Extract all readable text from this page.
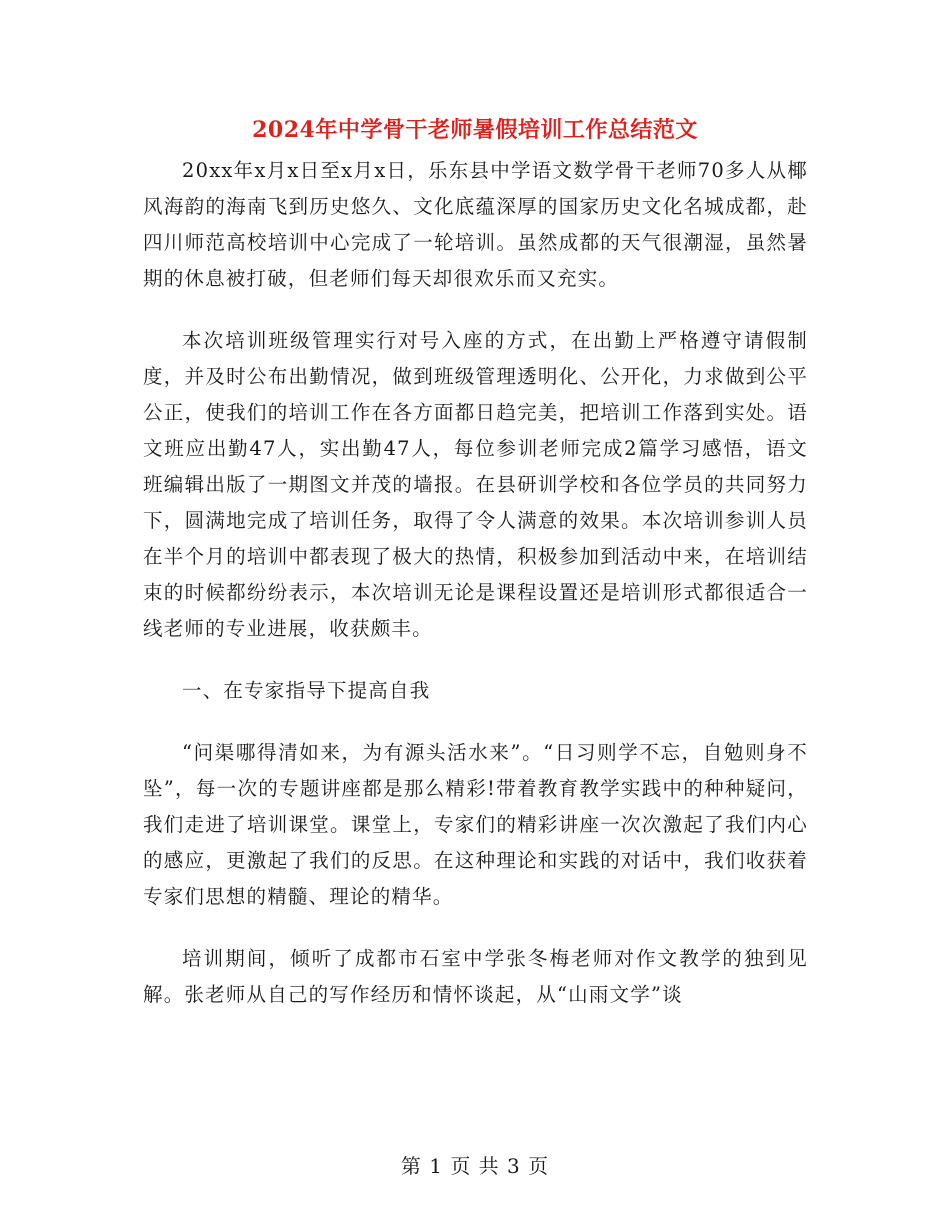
2024年中学骨干老师暑假培训工作总结范文

20xx年x月x日至x月x日，乐东县中学语文数学骨干老师70多人从椰风海韵的海南飞到历史悠久、文化底蕴深厚的国家历史文化名城成都，赴四川师范高校培训中心完成了一轮培训。虽然成都的天气很潮湿，虽然暑期的休息被打破，但老师们每天却很欢乐而又充实。

本次培训班级管理实行对号入座的方式，在出勤上严格遵守请假制度，并及时公布出勤情况，做到班级管理透明化、公开化，力求做到公平公正，使我们的培训工作在各方面都日趋完美，把培训工作落到实处。语文班应出勤47人，实出勤47人，每位参训老师完成2篇学习感悟，语文班编辑出版了一期图文并茂的墙报。在县研训学校和各位学员的共同努力下，圆满地完成了培训任务，取得了令人满意的效果。本次培训参训人员在半个月的培训中都表现了极大的热情，积极参加到活动中来，在培训结束的时候都纷纷表示，本次培训无论是课程设置还是培训形式都很适合一线老师的专业进展，收获颇丰。

一、在专家指导下提高自我

“问渠哪得清如来，为有源头活水来”。“日习则学不忘，自勉则身不坠”，每一次的专题讲座都是那么精彩!带着教育教学实践中的种种疑问，我们走进了培训课堂。课堂上，专家们的精彩讲座一次次激起了我们内心的感应，更激起了我们的反思。在这种理论和实践的对话中，我们收获着专家们思想的精髓、理论的精华。

培训期间，倾听了成都市石室中学张冬梅老师对作文教学的独到见解。张老师从自己的写作经历和情怀谈起，从“山雨文学”谈

第 1 页 共 3 页
